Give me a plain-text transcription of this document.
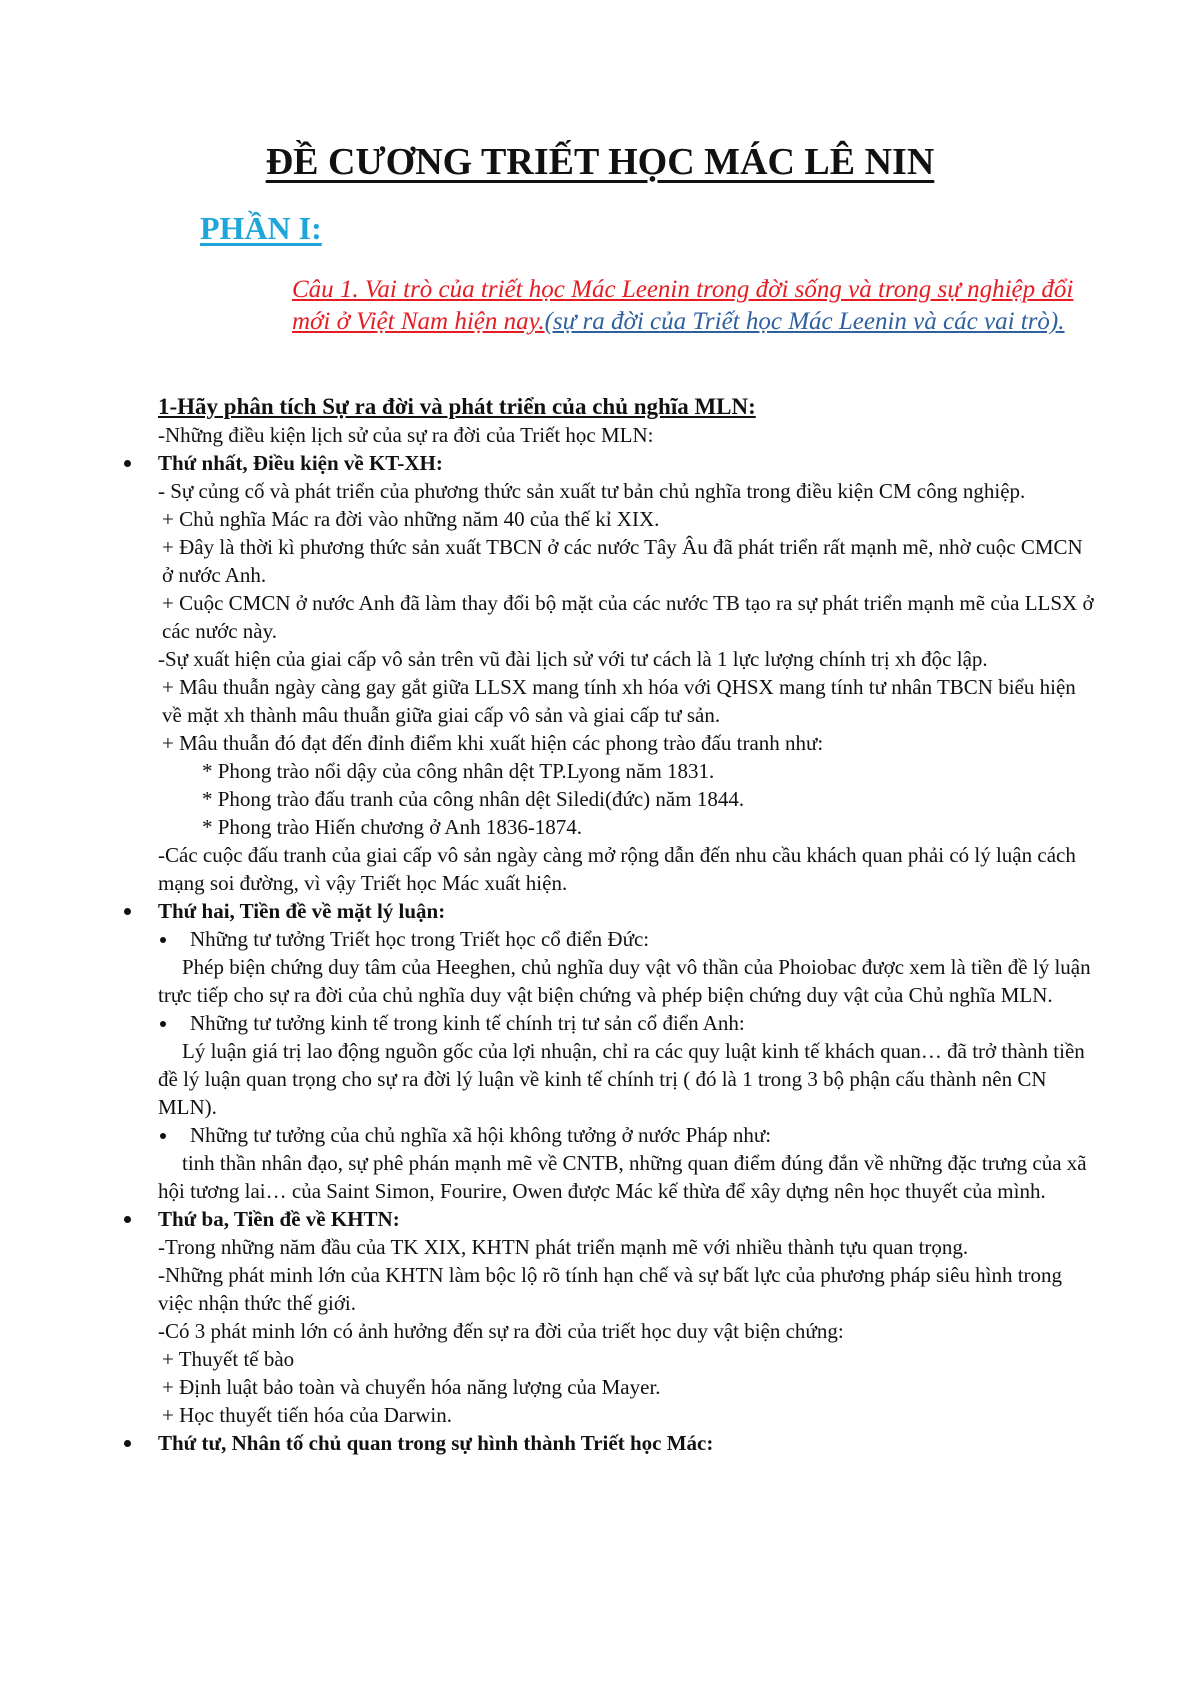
ĐỀ CƯƠNG TRIẾT HỌC MÁC LÊ NIN
PHẦN I:

Câu 1. Vai trò của triết học Mác Leenin trong đời sống và trong sự nghiệp đổi mới ở Việt Nam hiện nay.(sự ra đời của Triết học Mác Leenin và các vai trò).

1-Hãy phân tích Sự ra đời và phát triển của chủ nghĩa MLN:

-Những điều kiện lịch sử của sự ra đời của Triết học MLN:

Thứ nhất, Điều kiện về KT-XH:

- Sự củng cố và phát triển của phương thức sản xuất tư bản chủ nghĩa trong điều kiện CM công nghiệp.

+ Chủ nghĩa Mác ra đời vào những năm 40 của thế kỉ XIX.

+ Đây là thời kì phương thức sản xuất TBCN ở các nước Tây Âu đã phát triển rất mạnh mẽ, nhờ cuộc CMCN ở nước Anh.

+ Cuộc CMCN ở nước Anh đã làm thay đổi bộ mặt của các nước TB tạo ra sự phát triển mạnh mẽ của LLSX ở các nước này.

-Sự xuất hiện của giai cấp vô sản trên vũ đài lịch sử với tư cách là 1 lực lượng chính trị xh độc lập.

+ Mâu thuẫn ngày càng gay gắt giữa LLSX mang tính xh hóa với QHSX mang tính tư nhân TBCN biểu hiện về mặt xh thành mâu thuẫn giữa giai cấp vô sản và giai cấp tư sản.

+ Mâu thuẫn đó đạt đến đỉnh điểm khi xuất hiện các phong trào đấu tranh như:

* Phong trào nổi dậy của công nhân dệt TP.Lyong năm 1831.

* Phong trào đấu tranh của công nhân dệt Siledi(đức) năm 1844.

* Phong trào Hiến chương ở Anh 1836-1874.

-Các cuộc đấu tranh của giai cấp vô sản ngày càng mở rộng dẫn đến nhu cầu khách quan phải có lý luận cách mạng soi đường, vì vậy Triết học Mác xuất hiện.

Thứ hai, Tiền đề về mặt lý luận:

Những tư tưởng Triết học trong Triết học cổ điển Đức:

Phép biện chứng duy tâm của Heeghen, chủ nghĩa duy vật vô thần của Phoiobac được xem là tiền đề lý luận trực tiếp cho sự ra đời của chủ nghĩa duy vật biện chứng và phép biện chứng duy vật của Chủ nghĩa MLN.

Những tư tưởng kinh tế trong kinh tế chính trị tư sản cổ điển Anh:

Lý luận giá trị lao động nguồn gốc của lợi nhuận, chỉ ra các quy luật kinh tế khách quan… đã trở thành tiền đề lý luận quan trọng cho sự ra đời lý luận về kinh tế chính trị ( đó là 1 trong 3 bộ phận cấu thành nên CN MLN).

Những tư tưởng của chủ nghĩa xã hội không tưởng ở nước Pháp như:

tinh thần nhân đạo, sự phê phán mạnh mẽ về CNTB, những quan điểm đúng đắn về những đặc trưng của xã hội tương lai… của Saint Simon, Fourire, Owen được Mác kế thừa để xây dựng nên học thuyết của mình.

Thứ ba, Tiền đề về KHTN:

-Trong những năm đầu của TK XIX, KHTN phát triển mạnh mẽ với nhiều thành tựu quan trọng.

-Những phát minh lớn của KHTN làm bộc lộ rõ tính hạn chế và sự bất lực của phương pháp siêu hình trong việc nhận thức thế giới.

-Có 3 phát minh lớn có ảnh hưởng đến sự ra đời của triết học duy vật biện chứng:

+ Thuyết tế bào

+ Định luật bảo toàn và chuyển hóa năng lượng của Mayer.

+ Học thuyết tiến hóa của Darwin.

Thứ tư, Nhân tố chủ quan trong sự hình thành Triết học Mác:
